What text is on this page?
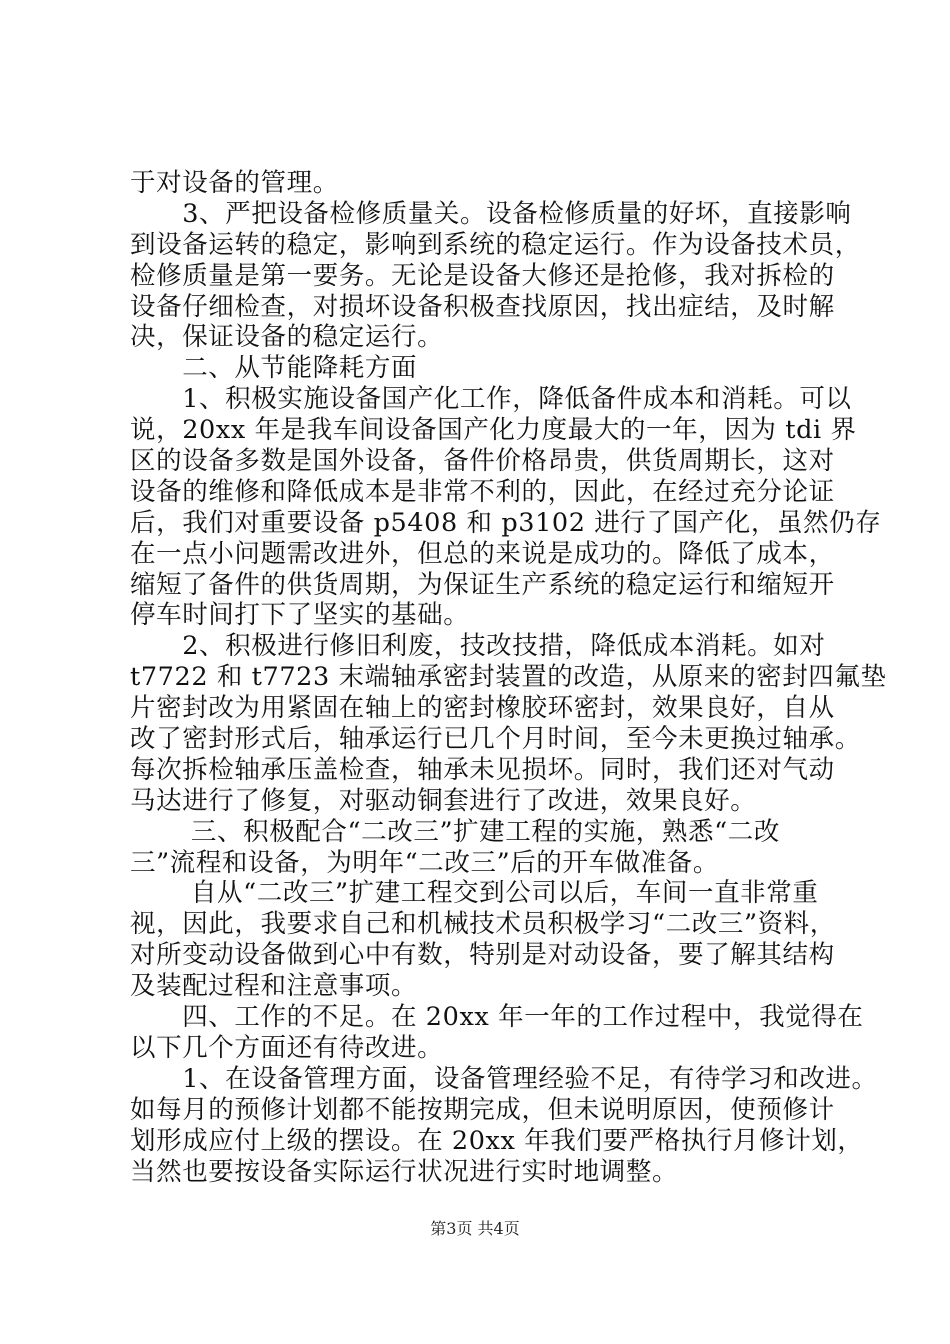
于对设备的管理。
　　3、严把设备检修质量关。设备检修质量的好坏，直接影响
到设备运转的稳定，影响到系统的稳定运行。作为设备技术员，
检修质量是第一要务。无论是设备大修还是抢修，我对拆检的
设备仔细检查，对损坏设备积极查找原因，找出症结，及时解
决，保证设备的稳定运行。
　　二、从节能降耗方面
　　1、积极实施设备国产化工作，降低备件成本和消耗。可以
说，20xx 年是我车间设备国产化力度最大的一年，因为 tdi 界
区的设备多数是国外设备，备件价格昂贵，供货周期长，这对
设备的维修和降低成本是非常不利的，因此，在经过充分论证
后，我们对重要设备 p5408 和 p3102 进行了国产化，虽然仍存
在一点小问题需改进外，但总的来说是成功的。降低了成本，
缩短了备件的供货周期，为保证生产系统的稳定运行和缩短开
停车时间打下了坚实的基础。
　　2、积极进行修旧利废，技改技措，降低成本消耗。如对
t7722 和 t7723 末端轴承密封装置的改造，从原来的密封四氟垫
片密封改为用紧固在轴上的密封橡胶环密封，效果良好，自从
改了密封形式后，轴承运行已几个月时间，至今未更换过轴承。
每次拆检轴承压盖检查，轴承未见损坏。同时，我们还对气动
马达进行了修复，对驱动铜套进行了改进，效果良好。
　　 三、积极配合“二改三”扩建工程的实施，熟悉“二改
三”流程和设备，为明年“二改三”后的开车做准备。
　　 自从“二改三”扩建工程交到公司以后，车间一直非常重
视，因此，我要求自己和机械技术员积极学习“二改三”资料，
对所变动设备做到心中有数，特别是对动设备，要了解其结构
及装配过程和注意事项。
　　四、工作的不足。在 20xx 年一年的工作过程中，我觉得在
以下几个方面还有待改进。
　　1、在设备管理方面，设备管理经验不足，有待学习和改进。
如每月的预修计划都不能按期完成，但未说明原因，使预修计
划形成应付上级的摆设。在 20xx 年我们要严格执行月修计划，
当然也要按设备实际运行状况进行实时地调整。
第3页 共4页
